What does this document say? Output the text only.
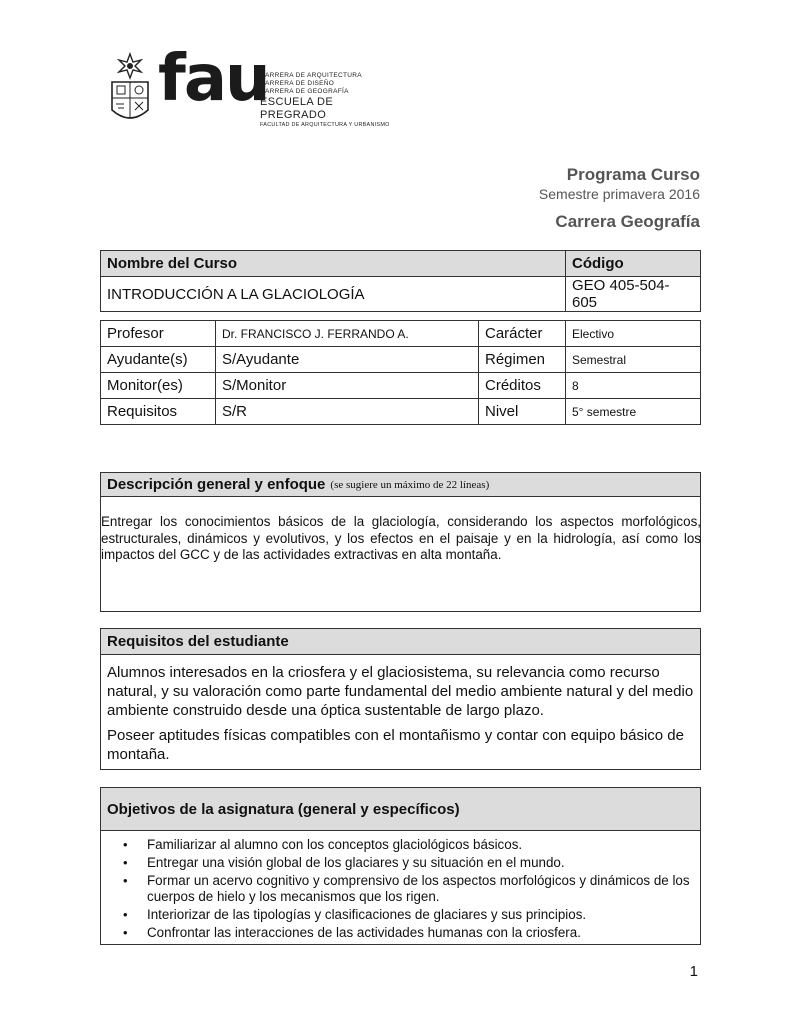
fau
CARRERA DE ARQUITECTURA
CARRERA DE DISEÑO
CARRERA DE GEOGRAFÍA
ESCUELA DE PREGRADO
FACULTAD DE ARQUITECTURA Y URBANISMO
Programa Curso
Semestre primavera 2016
Carrera Geografía
Nombre del Curso	Código
INTRODUCCIÓN A LA GLACIOLOGÍA	GEO 405-504-605
Profesor	Dr. FRANCISCO J. FERRANDO A.	Carácter	Electivo
Ayudante(s)	S/Ayudante	Régimen	Semestral
Monitor(es)	S/Monitor	Créditos	8
Requisitos	S/R	Nivel	5° semestre
Descripción general y enfoque (se sugiere un máximo de 22 líneas)
Entregar los conocimientos básicos de la glaciología, considerando los aspectos morfológicos, estructurales, dinámicos y evolutivos, y los efectos en el paisaje y en la hidrología, así como los impactos del GCC y de las actividades extractivas en alta montaña.
Requisitos del estudiante

Alumnos interesados en la criosfera y el glaciosistema, su relevancia como recurso natural, y su valoración como parte fundamental del medio ambiente natural y del medio ambiente construido desde una óptica sustentable de largo plazo.

Poseer aptitudes físicas compatibles con el montañismo y contar con equipo básico de montaña.

Objetivos de la asignatura (general y específicos)
• Familiarizar al alumno con los conceptos glaciológicos básicos.
• Entregar una visión global de los glaciares y su situación en el mundo.
• Formar un acervo cognitivo y comprensivo de los aspectos morfológicos y dinámicos de los cuerpos de hielo y los mecanismos que los rigen.
• Interiorizar de las tipologías y clasificaciones de glaciares y sus principios.
• Confrontar las interacciones de las actividades humanas con la criosfera.
1
